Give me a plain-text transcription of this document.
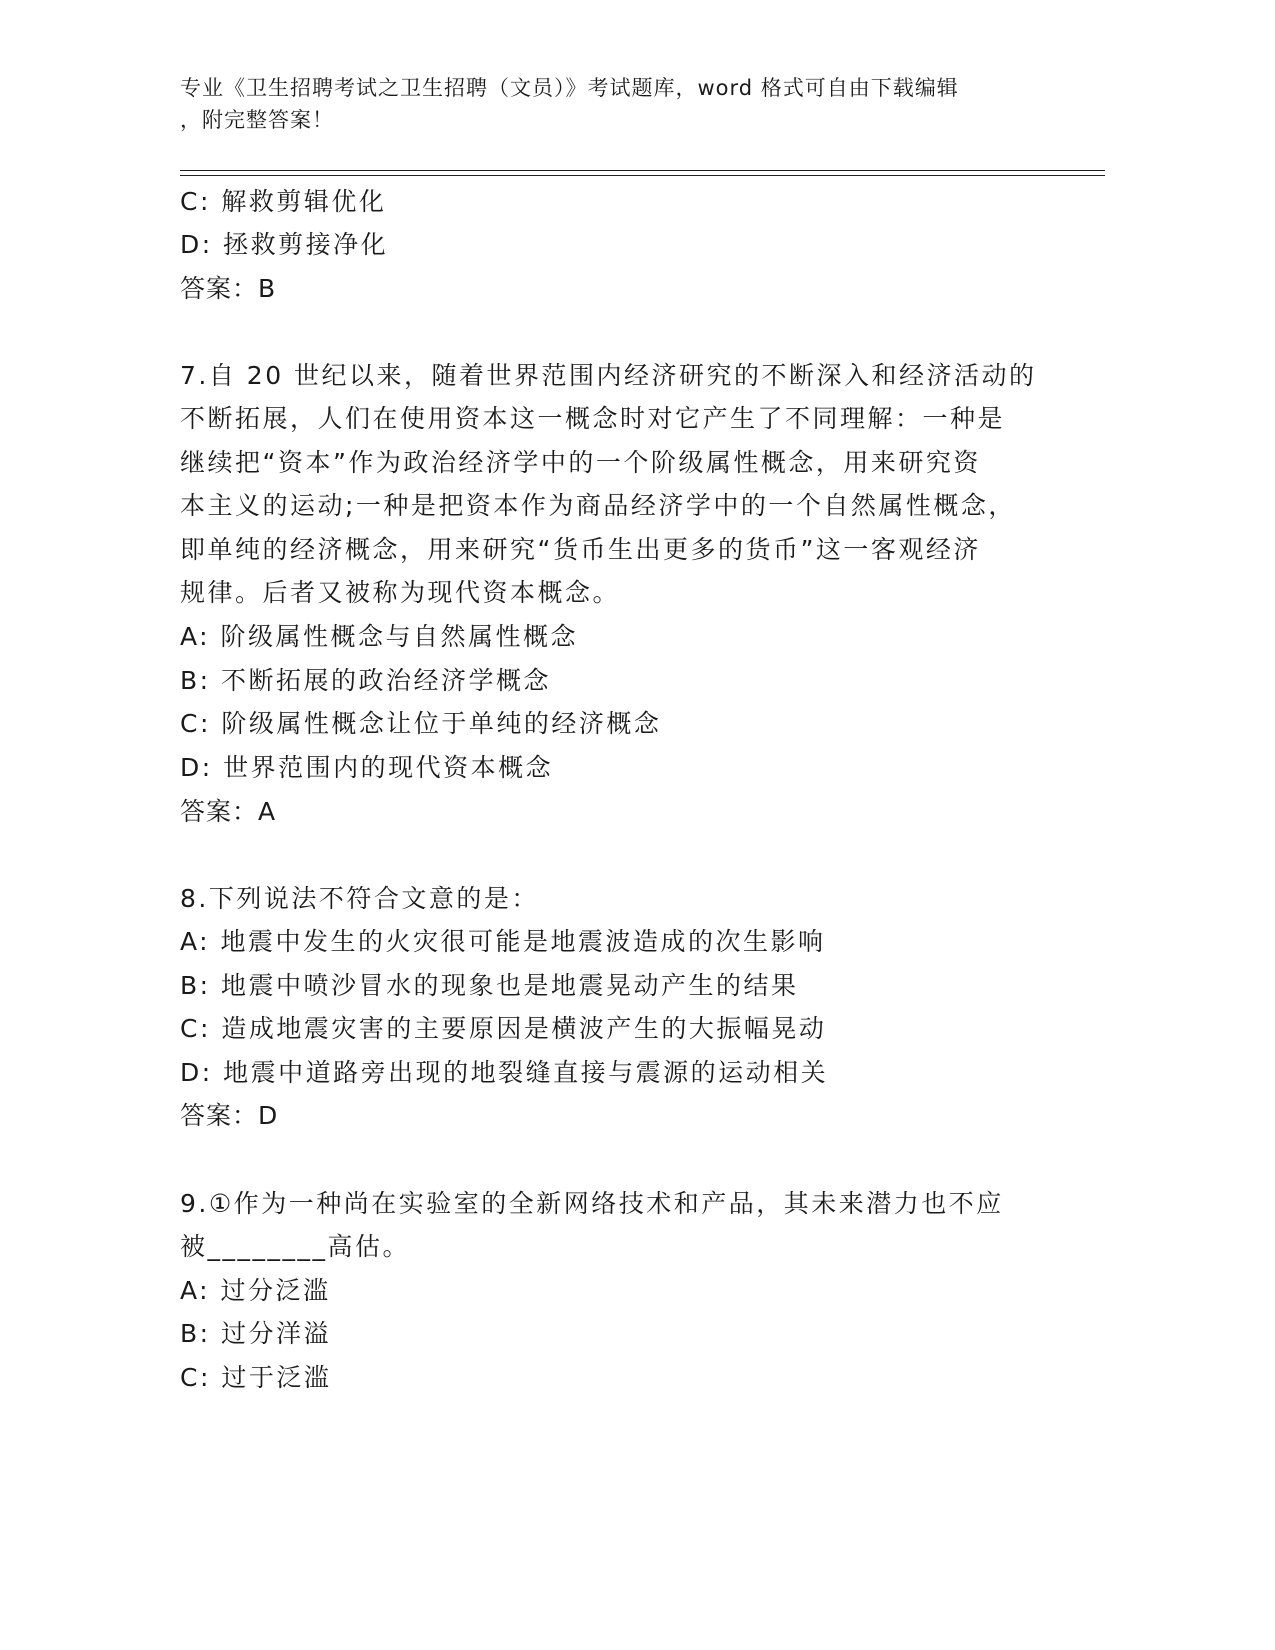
专业《卫生招聘考试之卫生招聘（文员）》考试题库，word 格式可自由下载编辑
，附完整答案！
C: 解救剪辑优化
D: 拯救剪接净化
答案：B
7.自 20 世纪以来，随着世界范围内经济研究的不断深入和经济活动的
不断拓展，人们在使用资本这一概念时对它产生了不同理解：一种是
继续把“资本”作为政治经济学中的一个阶级属性概念，用来研究资
本主义的运动;一种是把资本作为商品经济学中的一个自然属性概念，
即单纯的经济概念，用来研究“货币生出更多的货币”这一客观经济
规律。后者又被称为现代资本概念。
A: 阶级属性概念与自然属性概念
B: 不断拓展的政治经济学概念
C: 阶级属性概念让位于单纯的经济概念
D: 世界范围内的现代资本概念
答案：A
8.下列说法不符合文意的是：
A: 地震中发生的火灾很可能是地震波造成的次生影响
B: 地震中喷沙冒水的现象也是地震晃动产生的结果
C: 造成地震灾害的主要原因是横波产生的大振幅晃动
D: 地震中道路旁出现的地裂缝直接与震源的运动相关
答案：D
9.①作为一种尚在实验室的全新网络技术和产品，其未来潜力也不应
被________高估。
A: 过分泛滥
B: 过分洋溢
C: 过于泛滥
